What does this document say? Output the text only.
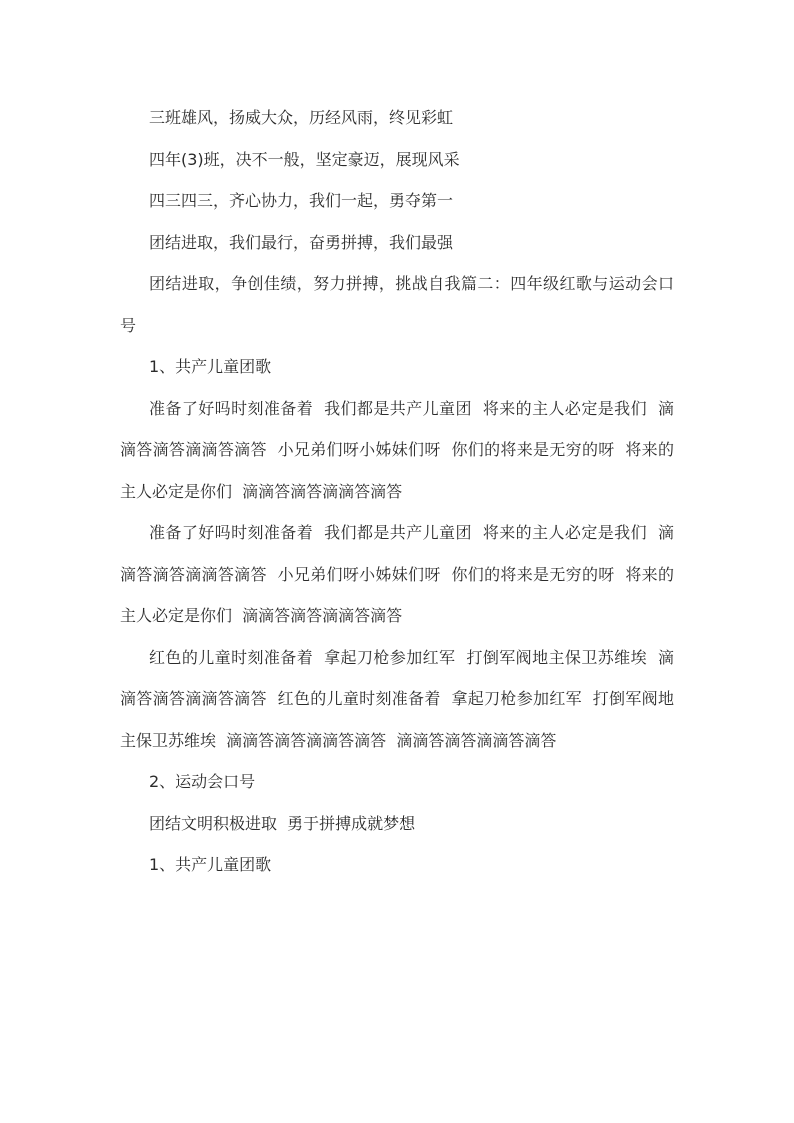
三班雄风，扬威大众，历经风雨，终见彩虹

四年(3)班，决不一般，坚定豪迈，展现风采

四三四三，齐心协力，我们一起，勇夺第一

团结进取，我们最行，奋勇拼搏，我们最强

团结进取，争创佳绩，努力拼搏，挑战自我篇二：四年级红歌与运动会口号

1、共产儿童团歌

准备了好吗时刻准备着  我们都是共产儿童团  将来的主人必定是我们  滴滴答滴答滴滴答滴答  小兄弟们呀小姊妹们呀  你们的将来是无穷的呀  将来的主人必定是你们  滴滴答滴答滴滴答滴答

准备了好吗时刻准备着  我们都是共产儿童团  将来的主人必定是我们  滴滴答滴答滴滴答滴答  小兄弟们呀小姊妹们呀  你们的将来是无穷的呀  将来的主人必定是你们  滴滴答滴答滴滴答滴答

红色的儿童时刻准备着  拿起刀枪参加红军  打倒军阀地主保卫苏维埃  滴滴答滴答滴滴答滴答  红色的儿童时刻准备着  拿起刀枪参加红军  打倒军阀地主保卫苏维埃  滴滴答滴答滴滴答滴答  滴滴答滴答滴滴答滴答

2、运动会口号

团结文明积极进取  勇于拼搏成就梦想

1、共产儿童团歌
